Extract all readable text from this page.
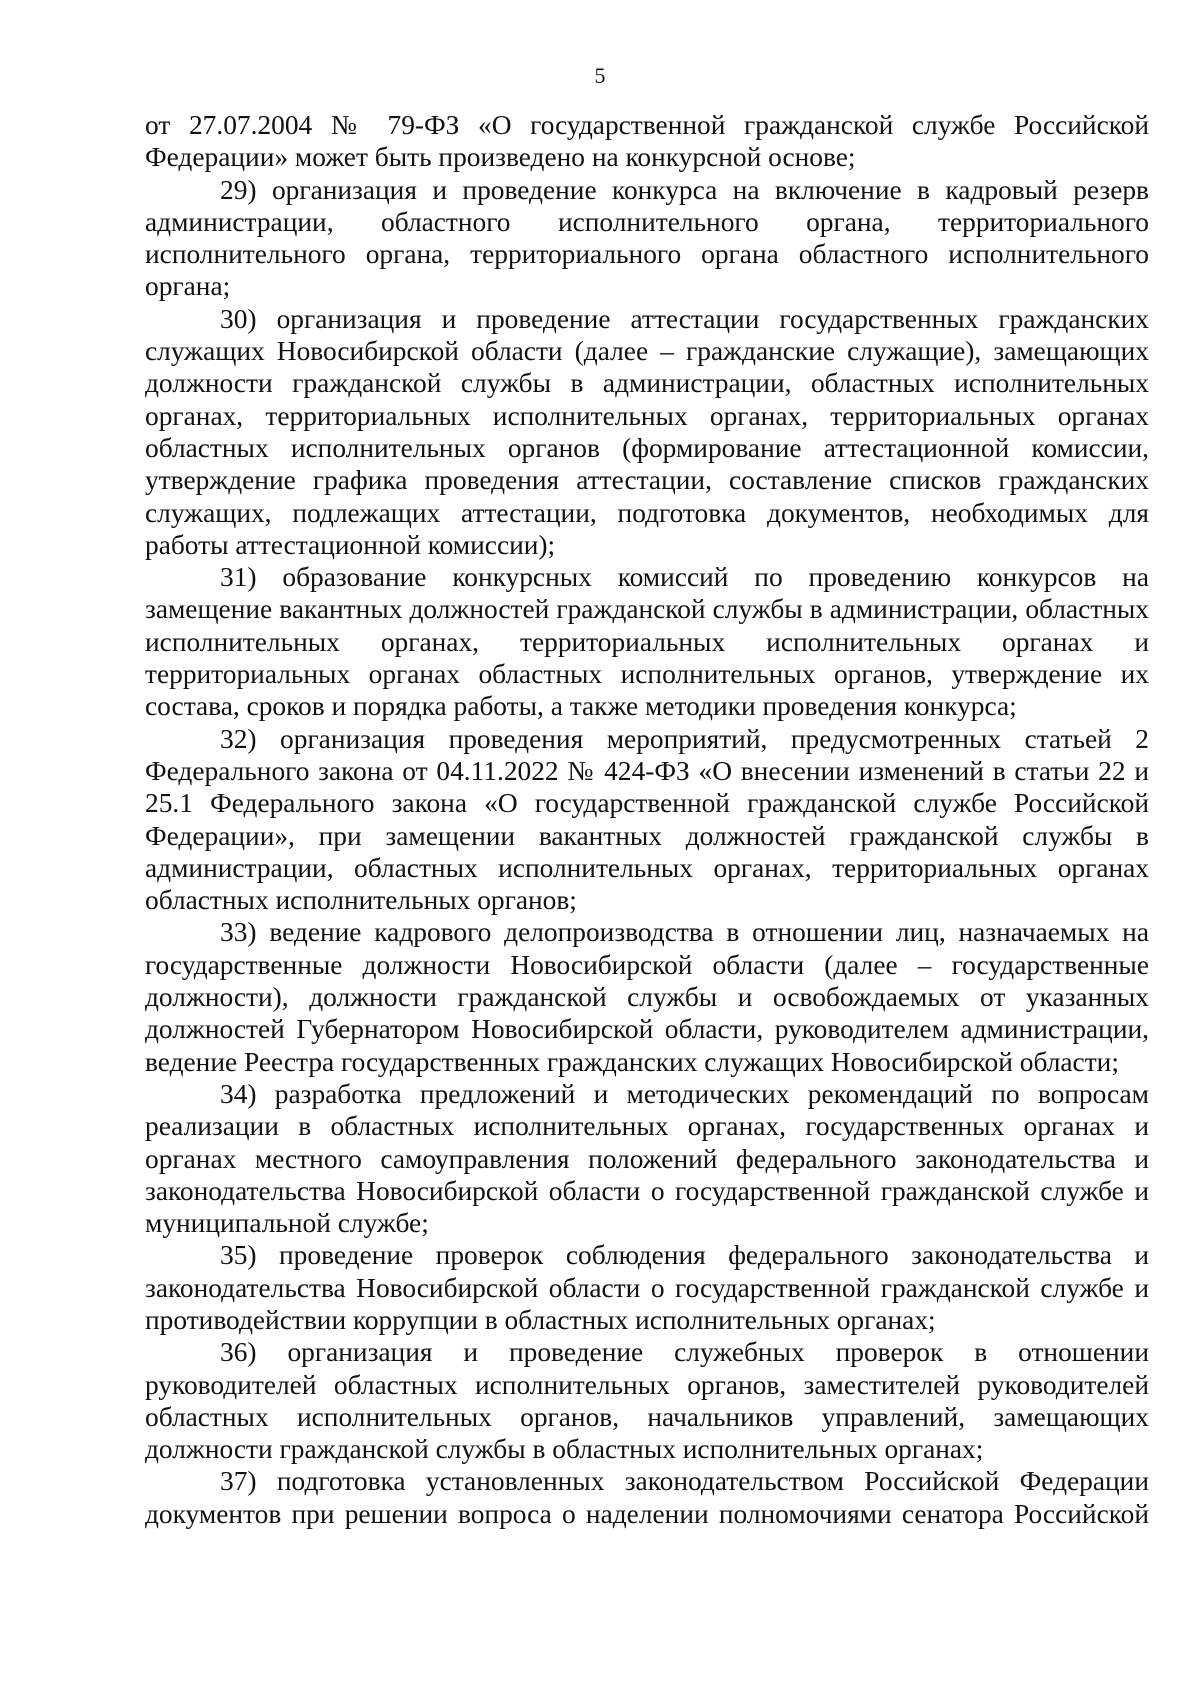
5

от 27.07.2004 № 79-ФЗ «О государственной гражданской службе Российской Федерации» может быть произведено на конкурсной основе;

29) организация и проведение конкурса на включение в кадровый резерв администрации, областного исполнительного органа, территориального исполнительного органа, территориального органа областного исполнительного органа;

30) организация и проведение аттестации государственных гражданских служащих Новосибирской области (далее – гражданские служащие), замещающих должности гражданской службы в администрации, областных исполнительных органах, территориальных исполнительных органах, территориальных органах областных исполнительных органов (формирование аттестационной комиссии, утверждение графика проведения аттестации, составление списков гражданских служащих, подлежащих аттестации, подготовка документов, необходимых для работы аттестационной комиссии);

31) образование конкурсных комиссий по проведению конкурсов на замещение вакантных должностей гражданской службы в администрации, областных исполнительных органах, территориальных исполнительных органах и территориальных органах областных исполнительных органов, утверждение их состава, сроков и порядка работы, а также методики проведения конкурса;

32) организация проведения мероприятий, предусмотренных статьей 2 Федерального закона от 04.11.2022 № 424-ФЗ «О внесении изменений в статьи 22 и 25.1 Федерального закона «О государственной гражданской службе Российской Федерации», при замещении вакантных должностей гражданской службы в администрации, областных исполнительных органах, территориальных органах областных исполнительных органов;

33) ведение кадрового делопроизводства в отношении лиц, назначаемых на государственные должности Новосибирской области (далее – государственные должности), должности гражданской службы и освобождаемых от указанных должностей Губернатором Новосибирской области, руководителем администрации, ведение Реестра государственных гражданских служащих Новосибирской области;

34) разработка предложений и методических рекомендаций по вопросам реализации в областных исполнительных органах, государственных органах и органах местного самоуправления положений федерального законодательства и законодательства Новосибирской области о государственной гражданской службе и муниципальной службе;

35) проведение проверок соблюдения федерального законодательства и законодательства Новосибирской области о государственной гражданской службе и противодействии коррупции в областных исполнительных органах;

36) организация и проведение служебных проверок в отношении руководителей областных исполнительных органов, заместителей руководителей областных исполнительных органов, начальников управлений, замещающих должности гражданской службы в областных исполнительных органах;

37) подготовка установленных законодательством Российской Федерации документов при решении вопроса о наделении полномочиями сенатора Российской
